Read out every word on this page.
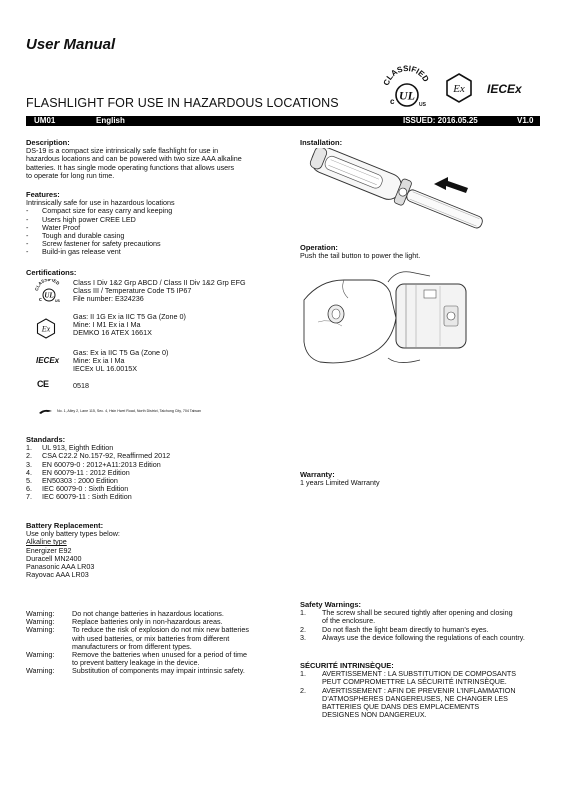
User Manual
CLASSIFIED
UL
c	US
Ex IECEx
FLASHLIGHT FOR USE IN HAZARDOUS LOCATIONS
UM01	English	ISSUED: 2016.05.25	V1.0
Description:
DS-19 is a compact size intrinsically safe flashlight for use in
hazardous locations and can be powered with two size AAA alkaline
batteries. It has single mode operating functions that allows users
to operate for long run time.
Features:
Intrinsically safe for use in hazardous locations
- Compact size for easy carry and keeping
- Users high power CREE LED
- Water Proof
- Tough and durable casing
- Screw fastener for safety precautions
- Build-in gas release vent
Certifications:
CLASSIFIED
UL
c	US
Class I Div 1&2 Grp ABCD / Class II Div 1&2 Grp EFG
Class III / Temperature Code T5 IP67
File number: E324236
Ex
Gas: II 1G Ex ia IIC T5 Ga (Zone 0)
Mine: I M1 Ex ia I Ma
DEMKO 16 ATEX 1661X
IECEx
Gas: Ex ia IIC T5 Ga (Zone 0)
Mine: Ex ia I Ma
IECEx UL 16.0015X
CE	0518
No. 1, Alley 2, Lane 115, Sec. 4, Hsin Hwei Road, North District, Taichung City, 704 Taiwan
Standards:
1. UL 913, Eighth Edition
2. CSA C22.2 No.157-92, Reaffirmed 2012
3. EN 60079-0 : 2012+A11:2013 Edition
4. EN 60079-11 : 2012 Edition
5. EN50303 : 2000 Edition
6. IEC 60079-0 : Sixth Edition
7. IEC 60079-11 : Sixth Edition
Battery Replacement:
Use only battery types below:
Alkaline type
Energizer E92
Duracell MN2400
Panasonic AAA LR03
Rayovac AAA LR03
Warning: Do not change batteries in hazardous locations.
Warning: Replace batteries only in non-hazardous areas.
Warning: To reduce the risk of explosion do not mix new batteries
with used batteries, or mix batteries from different
manufacturers or from different types.
Warning: Remove the batteries when unused for a period of time
to prevent battery leakage in the device.
Warning: Substitution of components may impair intrinsic safety.
Installation:
Operation:
Push the tail button to power the light.
Warranty:
1 years Limited Warranty
Safety Warnings:
1. The screw shall be secured tightly after opening and closing
of the enclosure.
2. Do not flash the light beam directly to human’s eyes.
3. Always use the device following the regulations of each country.
SÉCURITÉ INTRINSÈQUE:
1. AVERTISSEMENT : LA SUBSTITUTION DE COMPOSANTS
PEUT COMPROMETTRE LA SÉCURITÉ INTRINSÈQUE.
2. AVERTISSEMENT : AFIN DE PREVENIR L’INFLAMMATION
D’ATMOSPHERES DANGEREUSES, NE CHANGER LES
BATTERIES QUE DANS DES EMPLACEMENTS
DESIGNES NON DANGEREUX.
